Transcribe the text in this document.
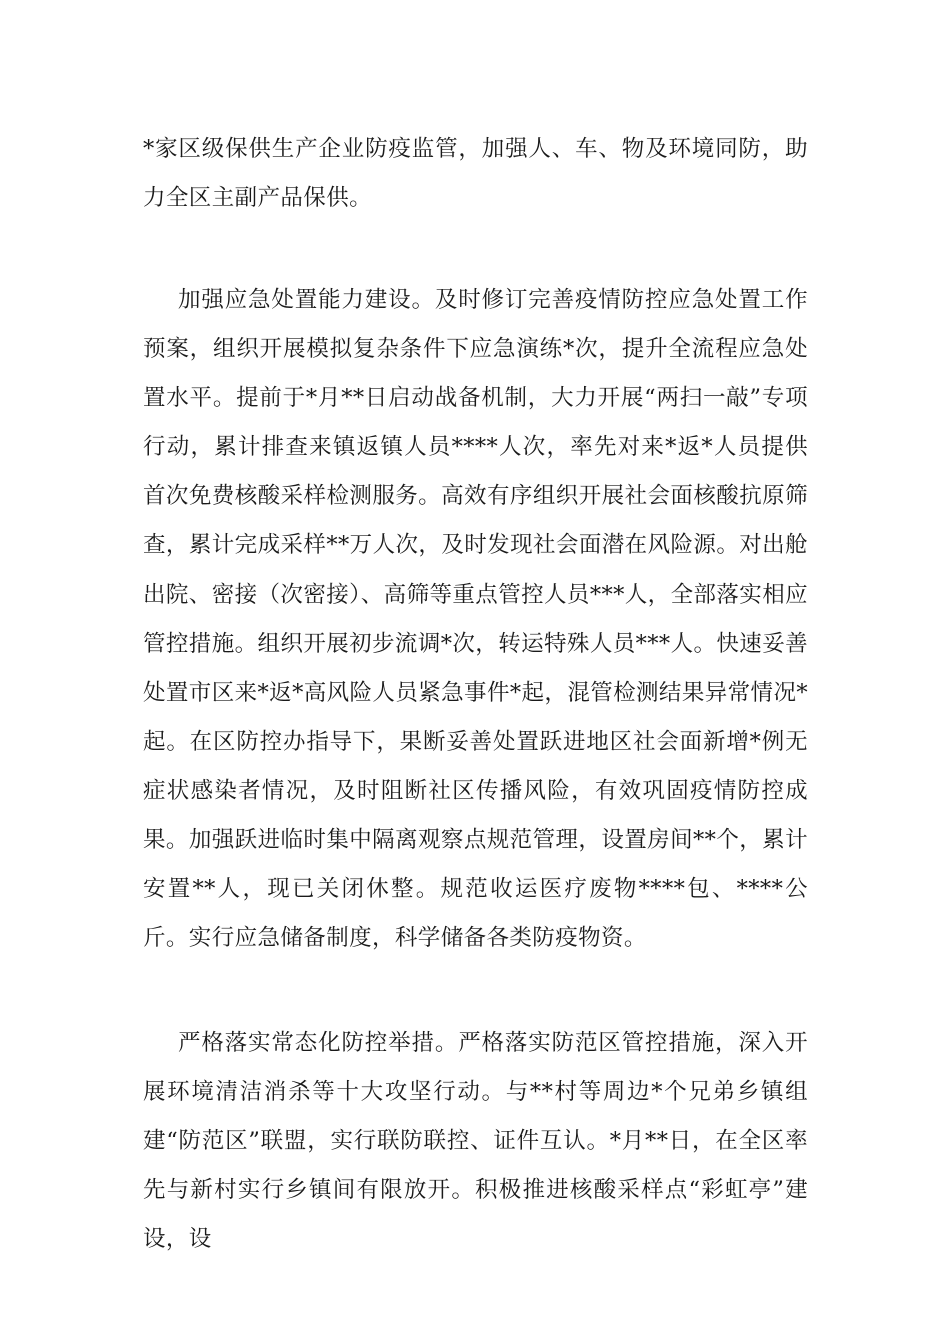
*家区级保供生产企业防疫监管，加强人、车、物及环境同防，助力全区主副产品保供。

加强应急处置能力建设。及时修订完善疫情防控应急处置工作预案，组织开展模拟复杂条件下应急演练*次，提升全流程应急处置水平。提前于*月**日启动战备机制，大力开展“两扫一敲”专项行动，累计排查来镇返镇人员****人次，率先对来*返*人员提供首次免费核酸采样检测服务。高效有序组织开展社会面核酸抗原筛查，累计完成采样**万人次，及时发现社会面潜在风险源。对出舱出院、密接（次密接）、高筛等重点管控人员***人，全部落实相应管控措施。组织开展初步流调*次，转运特殊人员***人。快速妥善处置市区来*返*高风险人员紧急事件*起，混管检测结果异常情况*起。在区防控办指导下，果断妥善处置跃进地区社会面新增*例无症状感染者情况，及时阻断社区传播风险，有效巩固疫情防控成果。加强跃进临时集中隔离观察点规范管理，设置房间**个，累计安置**人，现已关闭休整。规范收运医疗废物****包、****公斤。实行应急储备制度，科学储备各类防疫物资。

严格落实常态化防控举措。严格落实防范区管控措施，深入开展环境清洁消杀等十大攻坚行动。与**村等周边*个兄弟乡镇组建“防范区”联盟，实行联防联控、证件互认。*月**日，在全区率先与新村实行乡镇间有限放开。积极推进核酸采样点“彩虹亭”建设，设
